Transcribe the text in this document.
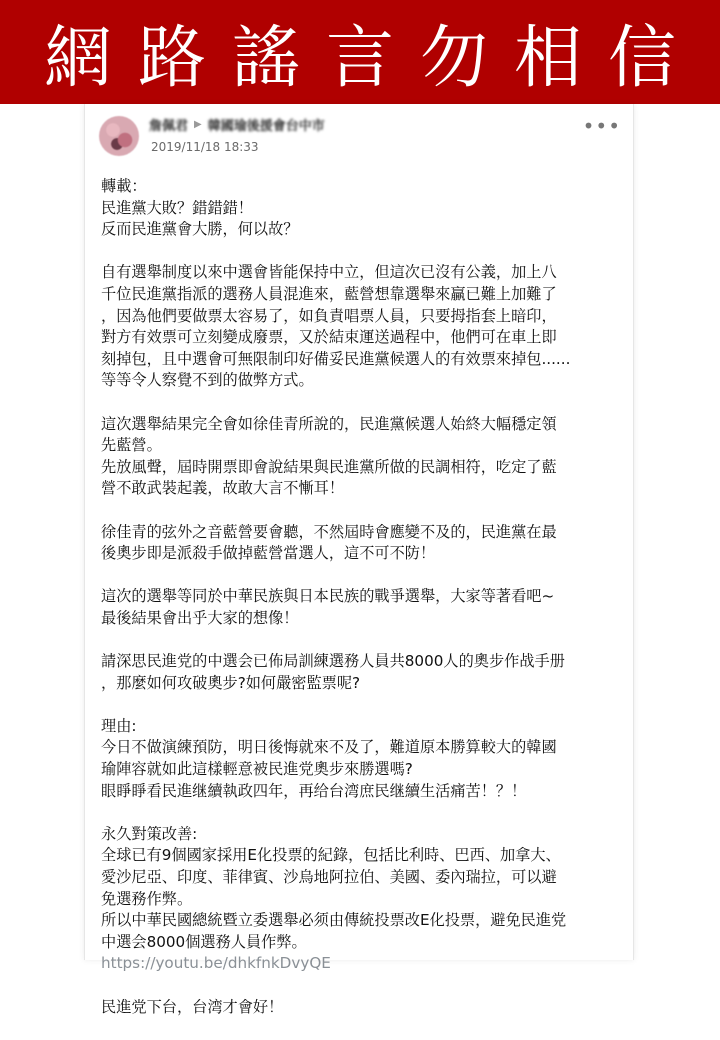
網路謠言勿相信
詹佩君 ▶ 韓國瑜後援會台中市
2019/11/18 18:33
•••
轉載：
民進黨大敗？錯錯錯！
反而民進黨會大勝，何以故？
自有選舉制度以來中選會皆能保持中立，但這次已沒有公義，加上八
千位民進黨指派的選務人員混進來，藍營想靠選舉來贏已難上加難了
，因為他們要做票太容易了，如負責唱票人員，只要拇指套上暗印，
對方有效票可立刻變成廢票，又於結束運送過程中，他們可在車上即
刻掉包，且中選會可無限制印好備妥民進黨候選人的有效票來掉包......
等等令人察覺不到的做弊方式。
這次選舉結果完全會如徐佳青所說的，民進黨候選人始終大幅穩定領
先藍營。
先放風聲，屆時開票即會說結果與民進黨所做的民調相符，吃定了藍
營不敢武裝起義，故敢大言不慚耳！
徐佳青的弦外之音藍營要會聽，不然屆時會應變不及的，民進黨在最
後奧步即是派殺手做掉藍營當選人，這不可不防！
這次的選舉等同於中華民族與日本民族的戰爭選舉，大家等著看吧~
最後結果會出乎大家的想像！
請深思民進党的中選会已佈局訓練選務人員共8000人的奧步作战手册
，那麼如何攻破奧步?如何嚴密監票呢?
理由:
今日不做演練預防，明日後悔就來不及了，難道原本勝算較大的韓國
瑜陣容就如此這樣輕意被民進党奧步來勝選嗎?
眼睜睜看民進继續執政四年，再给台湾庶民继續生活痛苦！？！
永久對策改善:
全球已有9個國家採用E化投票的紀錄，包括比利時、巴西、加拿大、
愛沙尼亞、印度、菲律賓、沙烏地阿拉伯、美國、委內瑞拉，可以避
免選務作弊。
所以中華民國總統暨立委選舉必须由傳統投票改E化投票，避免民進党
中選会8000個選務人員作弊。
https://youtu.be/dhkfnkDvyQE
民進党下台，台湾才會好！
